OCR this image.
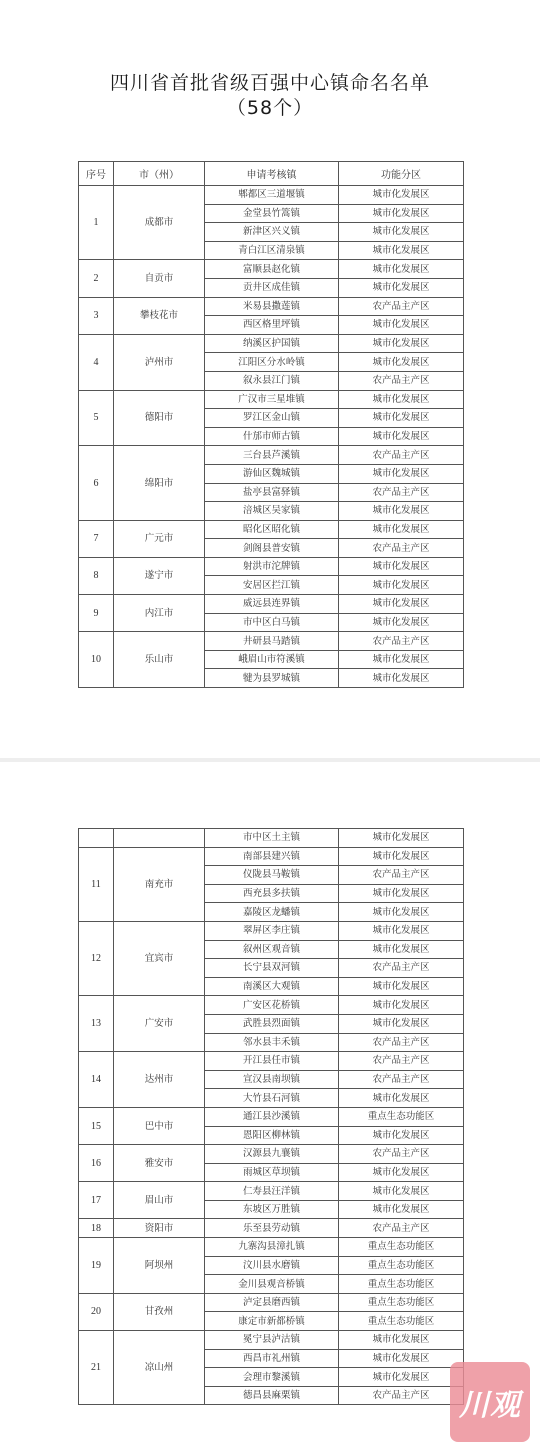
四川省首批省级百强中心镇命名名单
（58个）
序号	市（州）	申请考核镇	功能分区
1	成都市	郫都区三道堰镇	城市化发展区
		金堂县竹篙镇	城市化发展区
		新津区兴义镇	城市化发展区
		青白江区清泉镇	城市化发展区
2	自贡市	富顺县赵化镇	城市化发展区
		贡井区成佳镇	城市化发展区
3	攀枝花市	米易县撒莲镇	农产品主产区
		西区格里坪镇	城市化发展区
4	泸州市	纳溪区护国镇	城市化发展区
		江阳区分水岭镇	城市化发展区
		叙永县江门镇	农产品主产区
5	德阳市	广汉市三星堆镇	城市化发展区
		罗江区金山镇	城市化发展区
		什邡市师古镇	城市化发展区
6	绵阳市	三台县芦溪镇	农产品主产区
		游仙区魏城镇	城市化发展区
		盐亭县富驿镇	农产品主产区
		涪城区吴家镇	城市化发展区
7	广元市	昭化区昭化镇	城市化发展区
		剑阁县普安镇	农产品主产区
8	遂宁市	射洪市沱牌镇	城市化发展区
		安居区拦江镇	城市化发展区
9	内江市	威远县连界镇	城市化发展区
		市中区白马镇	城市化发展区
10	乐山市	井研县马踏镇	农产品主产区
		峨眉山市符溪镇	城市化发展区
		犍为县罗城镇	城市化发展区
		市中区土主镇	城市化发展区
11	南充市	南部县建兴镇	城市化发展区
		仪陇县马鞍镇	农产品主产区
		西充县多扶镇	城市化发展区
		嘉陵区龙蟠镇	城市化发展区
12	宜宾市	翠屏区李庄镇	城市化发展区
		叙州区观音镇	城市化发展区
		长宁县双河镇	农产品主产区
		南溪区大观镇	城市化发展区
13	广安市	广安区花桥镇	城市化发展区
		武胜县烈面镇	城市化发展区
		邻水县丰禾镇	农产品主产区
14	达州市	开江县任市镇	农产品主产区
		宣汉县南坝镇	农产品主产区
		大竹县石河镇	城市化发展区
15	巴中市	通江县沙溪镇	重点生态功能区
		恩阳区柳林镇	城市化发展区
16	雅安市	汉源县九襄镇	农产品主产区
		雨城区草坝镇	城市化发展区
17	眉山市	仁寿县汪洋镇	城市化发展区
		东坡区万胜镇	城市化发展区
18	资阳市	乐至县劳动镇	农产品主产区
19	阿坝州	九寨沟县漳扎镇	重点生态功能区
		汶川县水磨镇	重点生态功能区
		金川县观音桥镇	重点生态功能区
20	甘孜州	泸定县磨西镇	重点生态功能区
		康定市新都桥镇	重点生态功能区
21	凉山州	冕宁县泸沽镇	城市化发展区
		西昌市礼州镇	城市化发展区
		会理市黎溪镇	城市化发展区
		德昌县麻栗镇	农产品主产区 川观
